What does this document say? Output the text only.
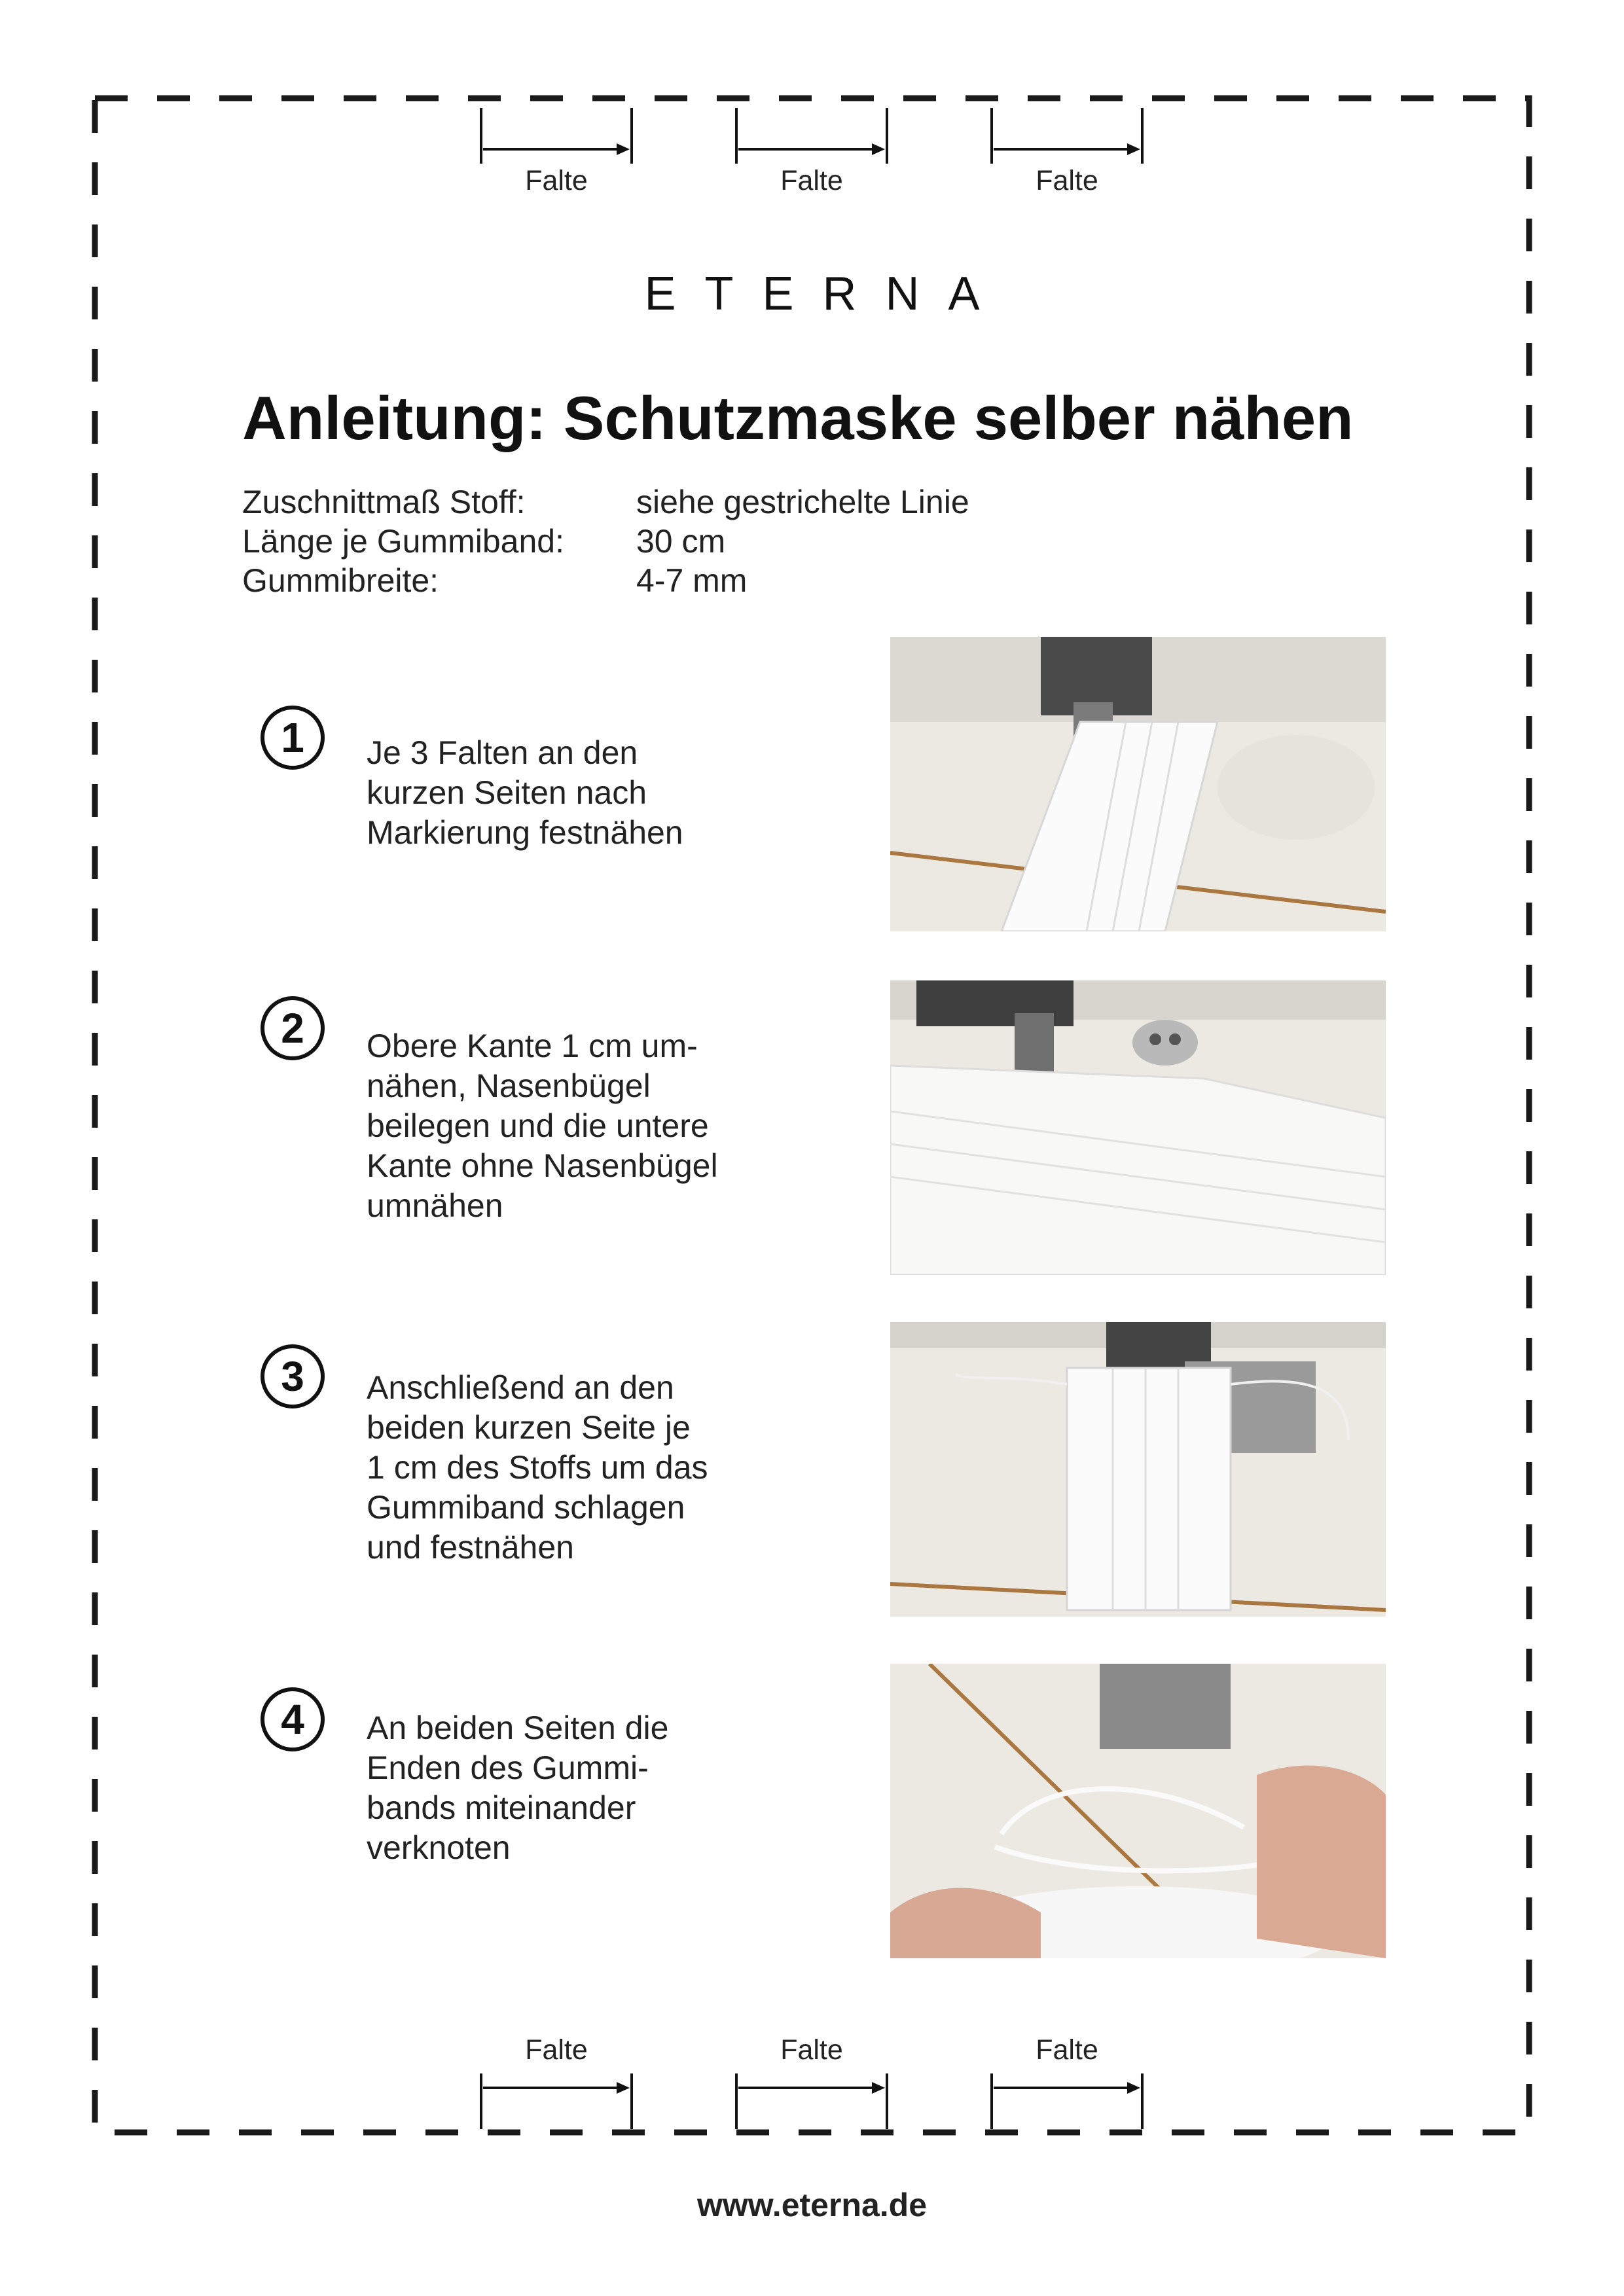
Falte	Falte	Falte
ETERNA
Anleitung: Schutzmaske selber nähen
Zuschnittmaß Stoff:	siehe gestrichelte Linie
Länge je Gummiband: 30 cm
Gummibreite:	4-7 mm
1	Je 3 Falten an den
kurzen Seiten nach
Markierung festnähen
2	Obere Kante 1 cm um-
nähen, Nasenbügel
beilegen und die untere
Kante ohne Nasenbügel
umnähen
3	Anschließend an den
beiden kurzen Seite je
1 cm des Stoffs um das
Gummiband schlagen
und festnähen
4	An beiden Seiten die
Enden des Gummi-
bands miteinander
verknoten
Falte	Falte	Falte
www.eterna.de
